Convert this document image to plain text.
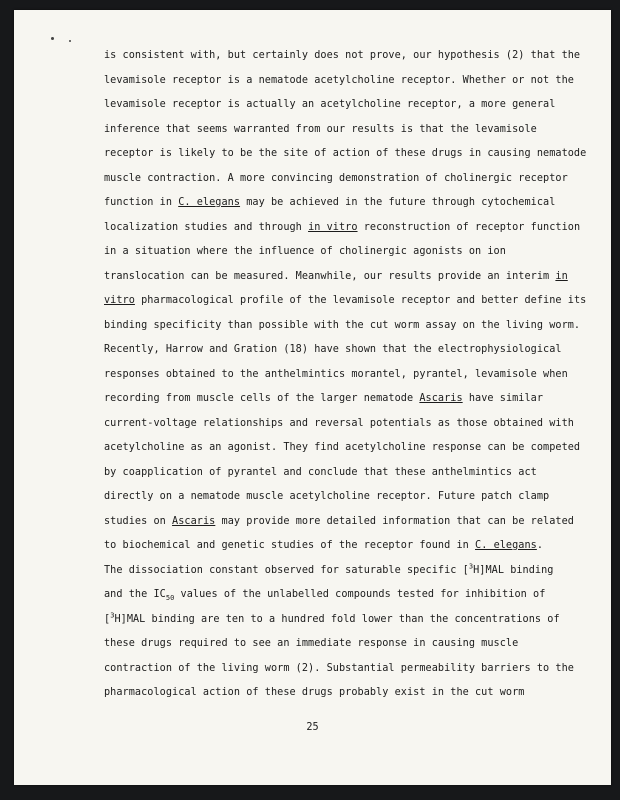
is consistent with, but certainly does not prove, our hypothesis (2) that the
levamisole receptor is a nematode acetylcholine receptor. Whether or not the
levamisole receptor is actually an acetylcholine receptor, a more general
inference that seems warranted from our results is that the levamisole
receptor is likely to be the site of action of these drugs in causing nematode
muscle contraction. A more convincing demonstration of cholinergic receptor
function in C. elegans may be achieved in the future through cytochemical
localization studies and through in vitro reconstruction of receptor function
in a situation where the influence of cholinergic agonists on ion
translocation can be measured. Meanwhile, our results provide an interim in
vitro pharmacological profile of the levamisole receptor and better define its
binding specificity than possible with the cut worm assay on the living worm.
Recently, Harrow and Gration (18) have shown that the electrophysiological
responses obtained to the anthelmintics morantel, pyrantel, levamisole when
recording from muscle cells of the larger nematode Ascaris have similar
current-voltage relationships and reversal potentials as those obtained with
acetylcholine as an agonist. They find acetylcholine response can be competed
by coapplication of pyrantel and conclude that these anthelmintics act
directly on a nematode muscle acetylcholine receptor. Future patch clamp
studies on Ascaris may provide more detailed information that can be related
to biochemical and genetic studies of the receptor found in C. elegans.
The dissociation constant observed for saturable specific [$^3$H]MAL binding
and the $IC_{50}$ values of the unlabelled compounds tested for inhibition of
[$^3$H]MAL binding are ten to a hundred fold lower than the concentrations of
these drugs required to see an immediate response in causing muscle
contraction of the living worm (2). Substantial permeability barriers to the
pharmacological action of these drugs probably exist in the cut worm
25
